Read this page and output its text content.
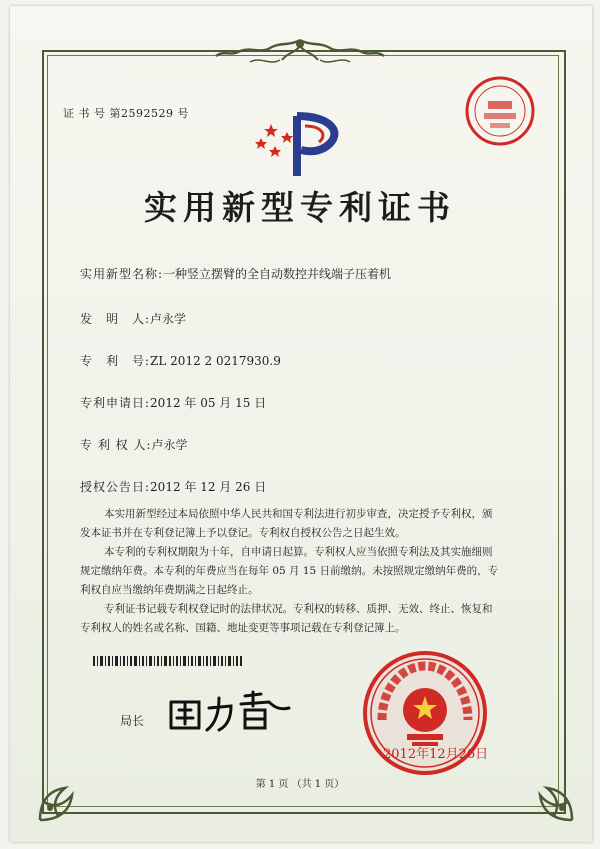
证 书 号 第2592529 号
实用新型专利证书
实用新型名称:一种竖立摆臂的全自动数控并线端子压着机
发　明　人:卢永学
专　利　号:ZL 2012 2 0217930.9
专利申请日:2012 年 05 月 15 日
专 利 权 人:卢永学
授权公告日:2012 年 12 月 26 日

本实用新型经过本局依照中华人民共和国专利法进行初步审查，决定授予专利权，颁

发本证书并在专利登记簿上予以登记。专利权自授权公告之日起生效。

本专利的专利权期限为十年，自申请日起算。专利权人应当依照专利法及其实施细则

规定缴纳年费。本专利的年费应当在每年 05 月 15 日前缴纳。未按照规定缴纳年费的，专

利权自应当缴纳年费期满之日起终止。

专利证书记载专利权登记时的法律状况。专利权的转移、质押、无效、终止、恢复和

专利权人的姓名或名称、国籍、地址变更等事项记载在专利登记簿上。

局长
2012年12月26日
第 1 页 （共 1 页）
